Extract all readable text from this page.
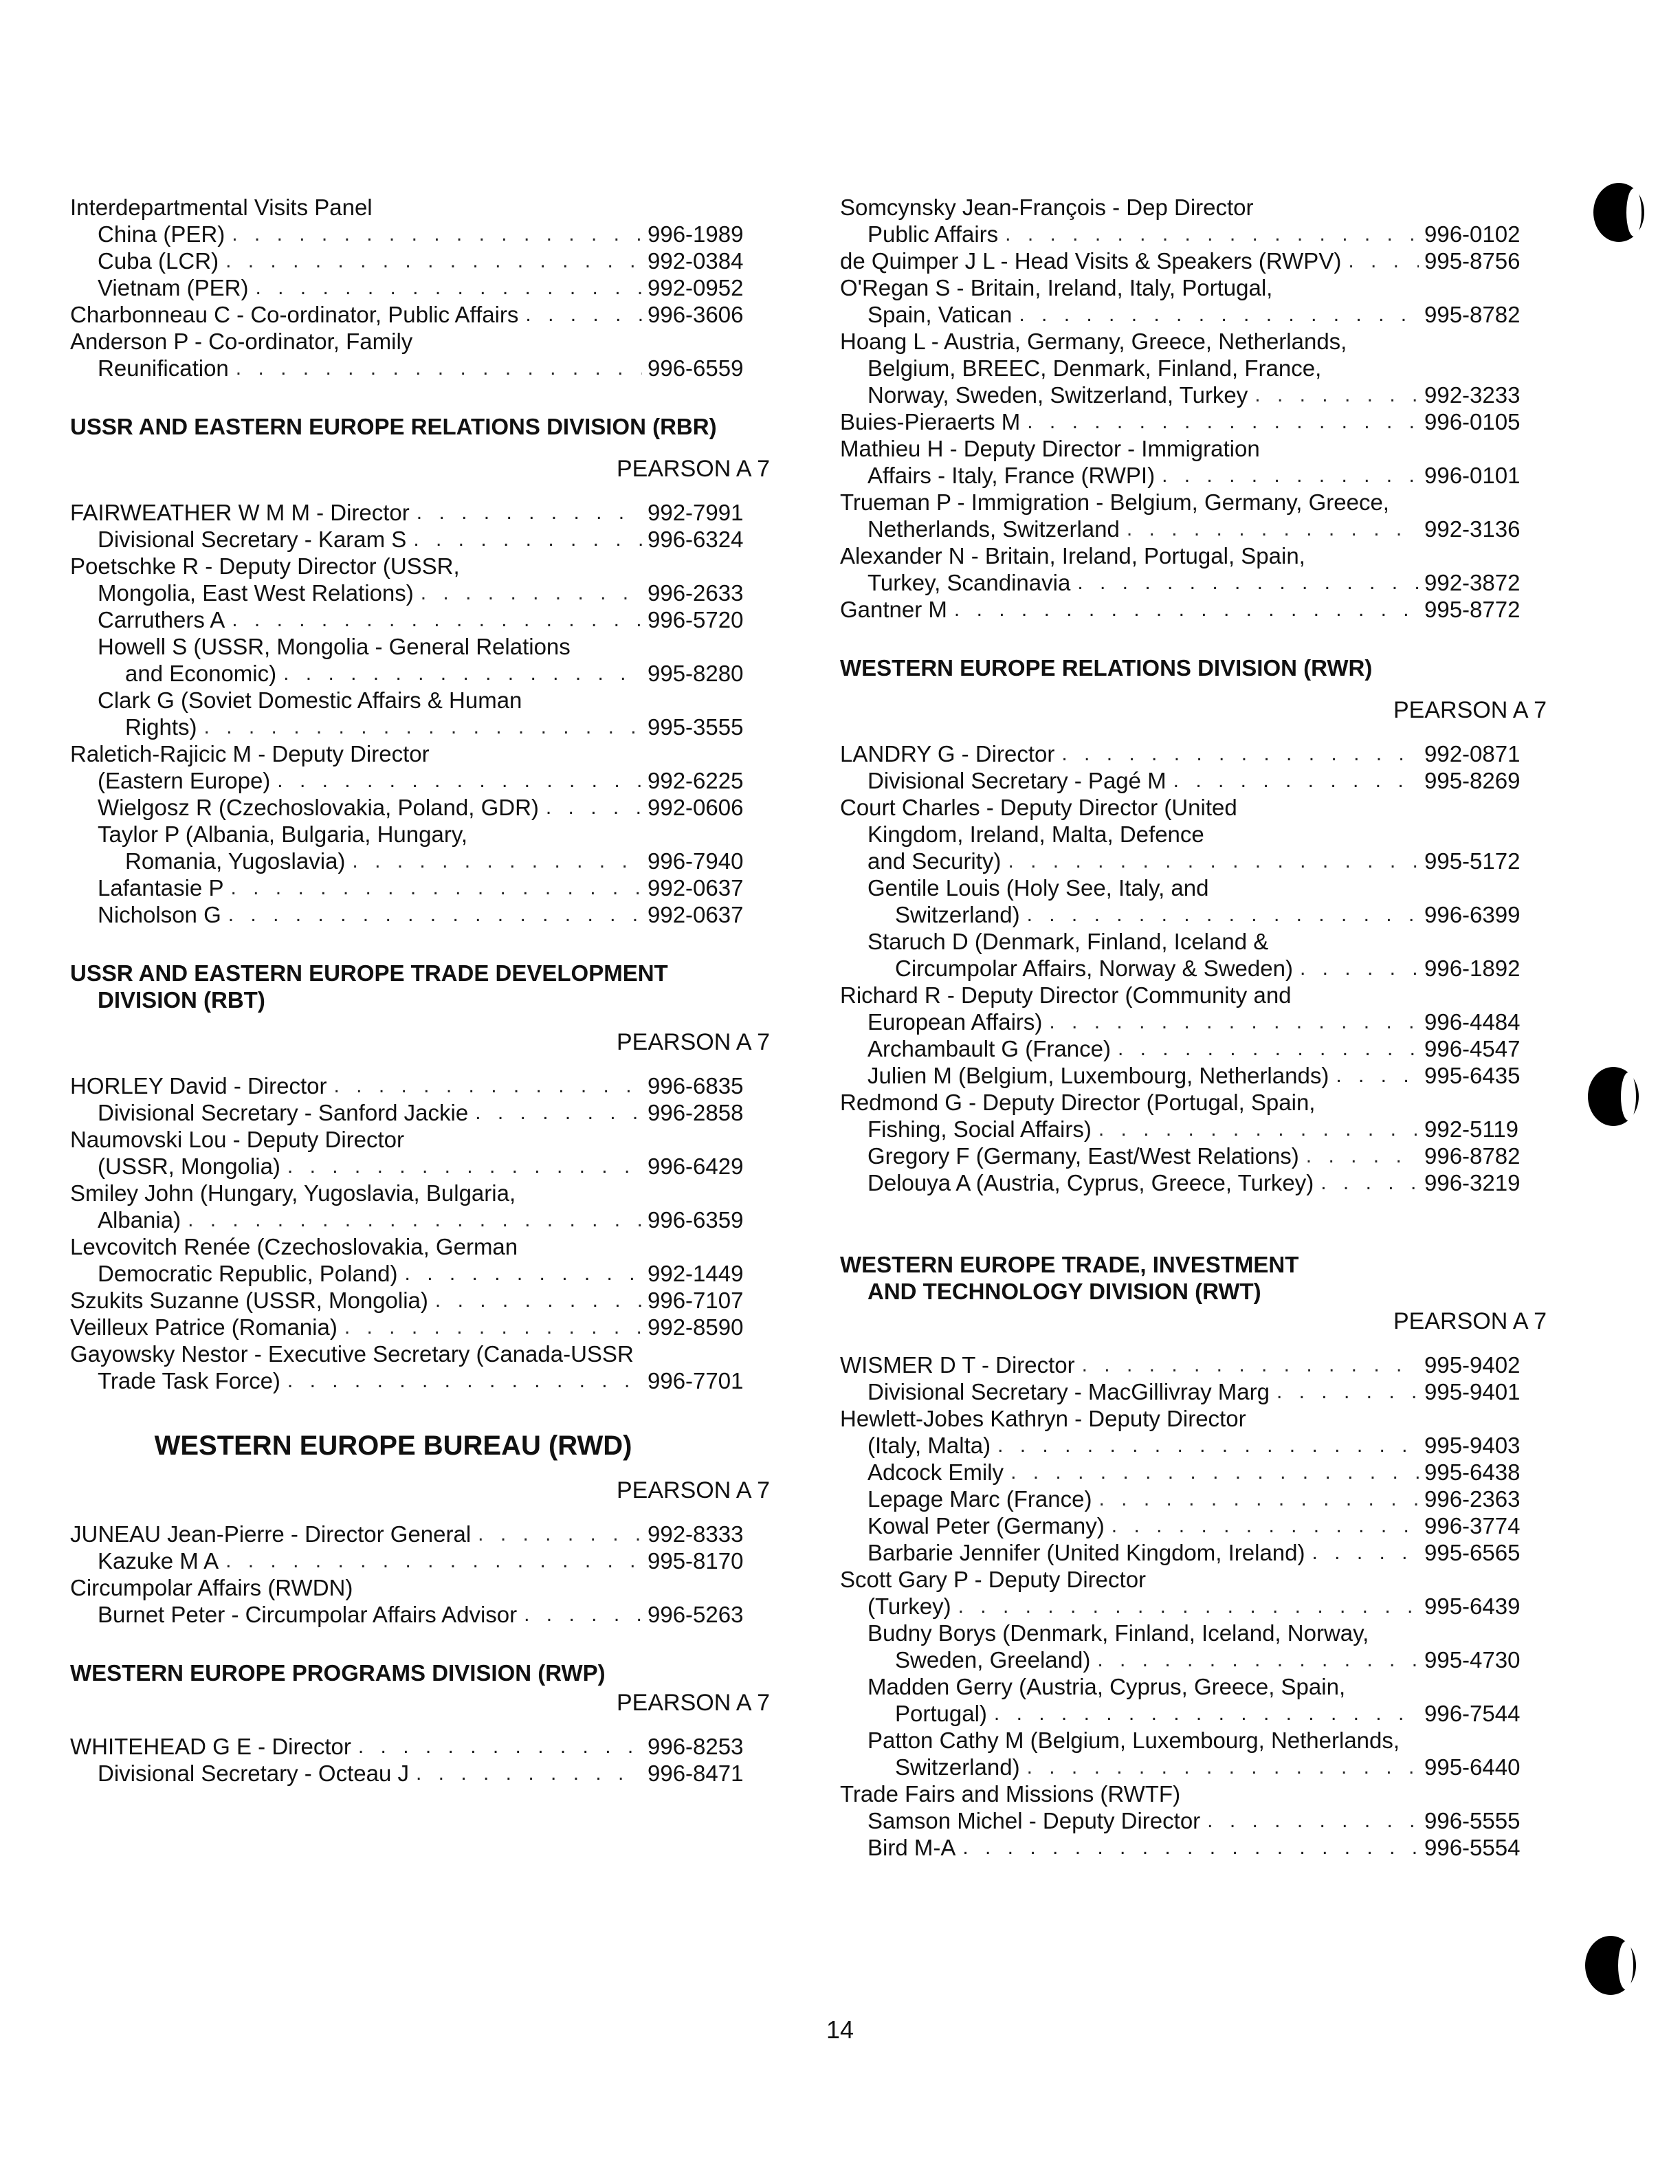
Interdepartmental Visits Panel
China (PER) . . .	996-1989
Cuba (LCR) . . .	992-0384
Vietnam (PER) . . .	992-0952
Charbonneau C - Co-ordinator, Public Affairs . . .	996-3606
Anderson P - Co-ordinator, Family
Reunification . . .	996-6559
USSR AND EASTERN EUROPE RELATIONS DIVISION (RBR)
PEARSON A 7
FAIRWEATHER W M M - Director . . .	992-7991
Divisional Secretary - Karam S . . .	996-6324
Poetschke R - Deputy Director (USSR,
Mongolia, East West Relations) . . .	996-2633
Carruthers A . . .	996-5720
Howell S (USSR, Mongolia - General Relations
and Economic) . . .	995-8280
Clark G (Soviet Domestic Affairs & Human
Rights) . . .	995-3555
Raletich-Rajicic M - Deputy Director
(Eastern Europe) . . .	992-6225
Wielgosz R (Czechoslovakia, Poland, GDR) . . .	992-0606
Taylor P (Albania, Bulgaria, Hungary,
Romania, Yugoslavia) . . .	996-7940
Lafantasie P . . .	992-0637
Nicholson G . . .	992-0637
USSR AND EASTERN EUROPE TRADE DEVELOPMENT
DIVISION (RBT)
PEARSON A 7
HORLEY David - Director . . .	996-6835
Divisional Secretary - Sanford Jackie . . .	996-2858
Naumovski Lou - Deputy Director
(USSR, Mongolia) . . .	996-6429
Smiley John (Hungary, Yugoslavia, Bulgaria,
Albania) . . .	996-6359
Levcovitch Renée (Czechoslovakia, German
Democratic Republic, Poland) . . .	992-1449
Szukits Suzanne (USSR, Mongolia) . . .	996-7107
Veilleux Patrice (Romania) . . .	992-8590
Gayowsky Nestor - Executive Secretary (Canada-USSR
Trade Task Force) . . .	996-7701
WESTERN EUROPE BUREAU (RWD)
PEARSON A 7
JUNEAU Jean-Pierre - Director General . . .	992-8333
Kazuke M A . . .	995-8170
Circumpolar Affairs (RWDN)
Burnet Peter - Circumpolar Affairs Advisor . . .	996-5263
WESTERN EUROPE PROGRAMS DIVISION (RWP)
PEARSON A 7
WHITEHEAD G E - Director . . .	996-8253
Divisional Secretary - Octeau J . . .	996-8471
Somcynsky Jean-François - Dep Director
Public Affairs . . .	996-0102
de Quimper J L - Head Visits & Speakers (RWPV) . . .	995-8756
O'Regan S - Britain, Ireland, Italy, Portugal,
Spain, Vatican . . .	995-8782
Hoang L - Austria, Germany, Greece, Netherlands,
Belgium, BREEC, Denmark, Finland, France,
Norway, Sweden, Switzerland, Turkey . . .	992-3233
Buies-Pieraerts M . . .	996-0105
Mathieu H - Deputy Director - Immigration
Affairs - Italy, France (RWPI) . . .	996-0101
Trueman P - Immigration - Belgium, Germany, Greece,
Netherlands, Switzerland . . .	992-3136
Alexander N - Britain, Ireland, Portugal, Spain,
Turkey, Scandinavia . . .	992-3872
Gantner M . . .	995-8772
WESTERN EUROPE RELATIONS DIVISION (RWR)
PEARSON A 7
LANDRY G - Director . . .	992-0871
Divisional Secretary - Pagé M . . .	995-8269
Court Charles - Deputy Director (United
Kingdom, Ireland, Malta, Defence
and Security) . . .	995-5172
Gentile Louis (Holy See, Italy, and
Switzerland) . . .	996-6399
Staruch D (Denmark, Finland, Iceland &
Circumpolar Affairs, Norway & Sweden) . . .	996-1892
Richard R - Deputy Director (Community and
European Affairs) . . .	996-4484
Archambault G (France) . . .	996-4547
Julien M (Belgium, Luxembourg, Netherlands) . . .	995-6435
Redmond G - Deputy Director (Portugal, Spain,
Fishing, Social Affairs) . . .	992-5119
Gregory F (Germany, East/West Relations) . . .	996-8782
Delouya A (Austria, Cyprus, Greece, Turkey) . . .	996-3219
WESTERN EUROPE TRADE, INVESTMENT
AND TECHNOLOGY DIVISION (RWT)
PEARSON A 7
WISMER D T - Director . . .	995-9402
Divisional Secretary - MacGillivray Marg . . .	995-9401
Hewlett-Jobes Kathryn - Deputy Director
(Italy, Malta) . . .	995-9403
Adcock Emily . . .	995-6438
Lepage Marc (France) . . .	996-2363
Kowal Peter (Germany) . . .	996-3774
Barbarie Jennifer (United Kingdom, Ireland) . . .	995-6565
Scott Gary P - Deputy Director
(Turkey) . . .	995-6439
Budny Borys (Denmark, Finland, Iceland, Norway,
Sweden, Greeland) . . .	995-4730
Madden Gerry (Austria, Cyprus, Greece, Spain,
Portugal) . . .	996-7544
Patton Cathy M (Belgium, Luxembourg, Netherlands,
Switzerland) . . .	995-6440
Trade Fairs and Missions (RWTF)
Samson Michel - Deputy Director . . .	996-5555
Bird M-A . . .	996-5554
14
